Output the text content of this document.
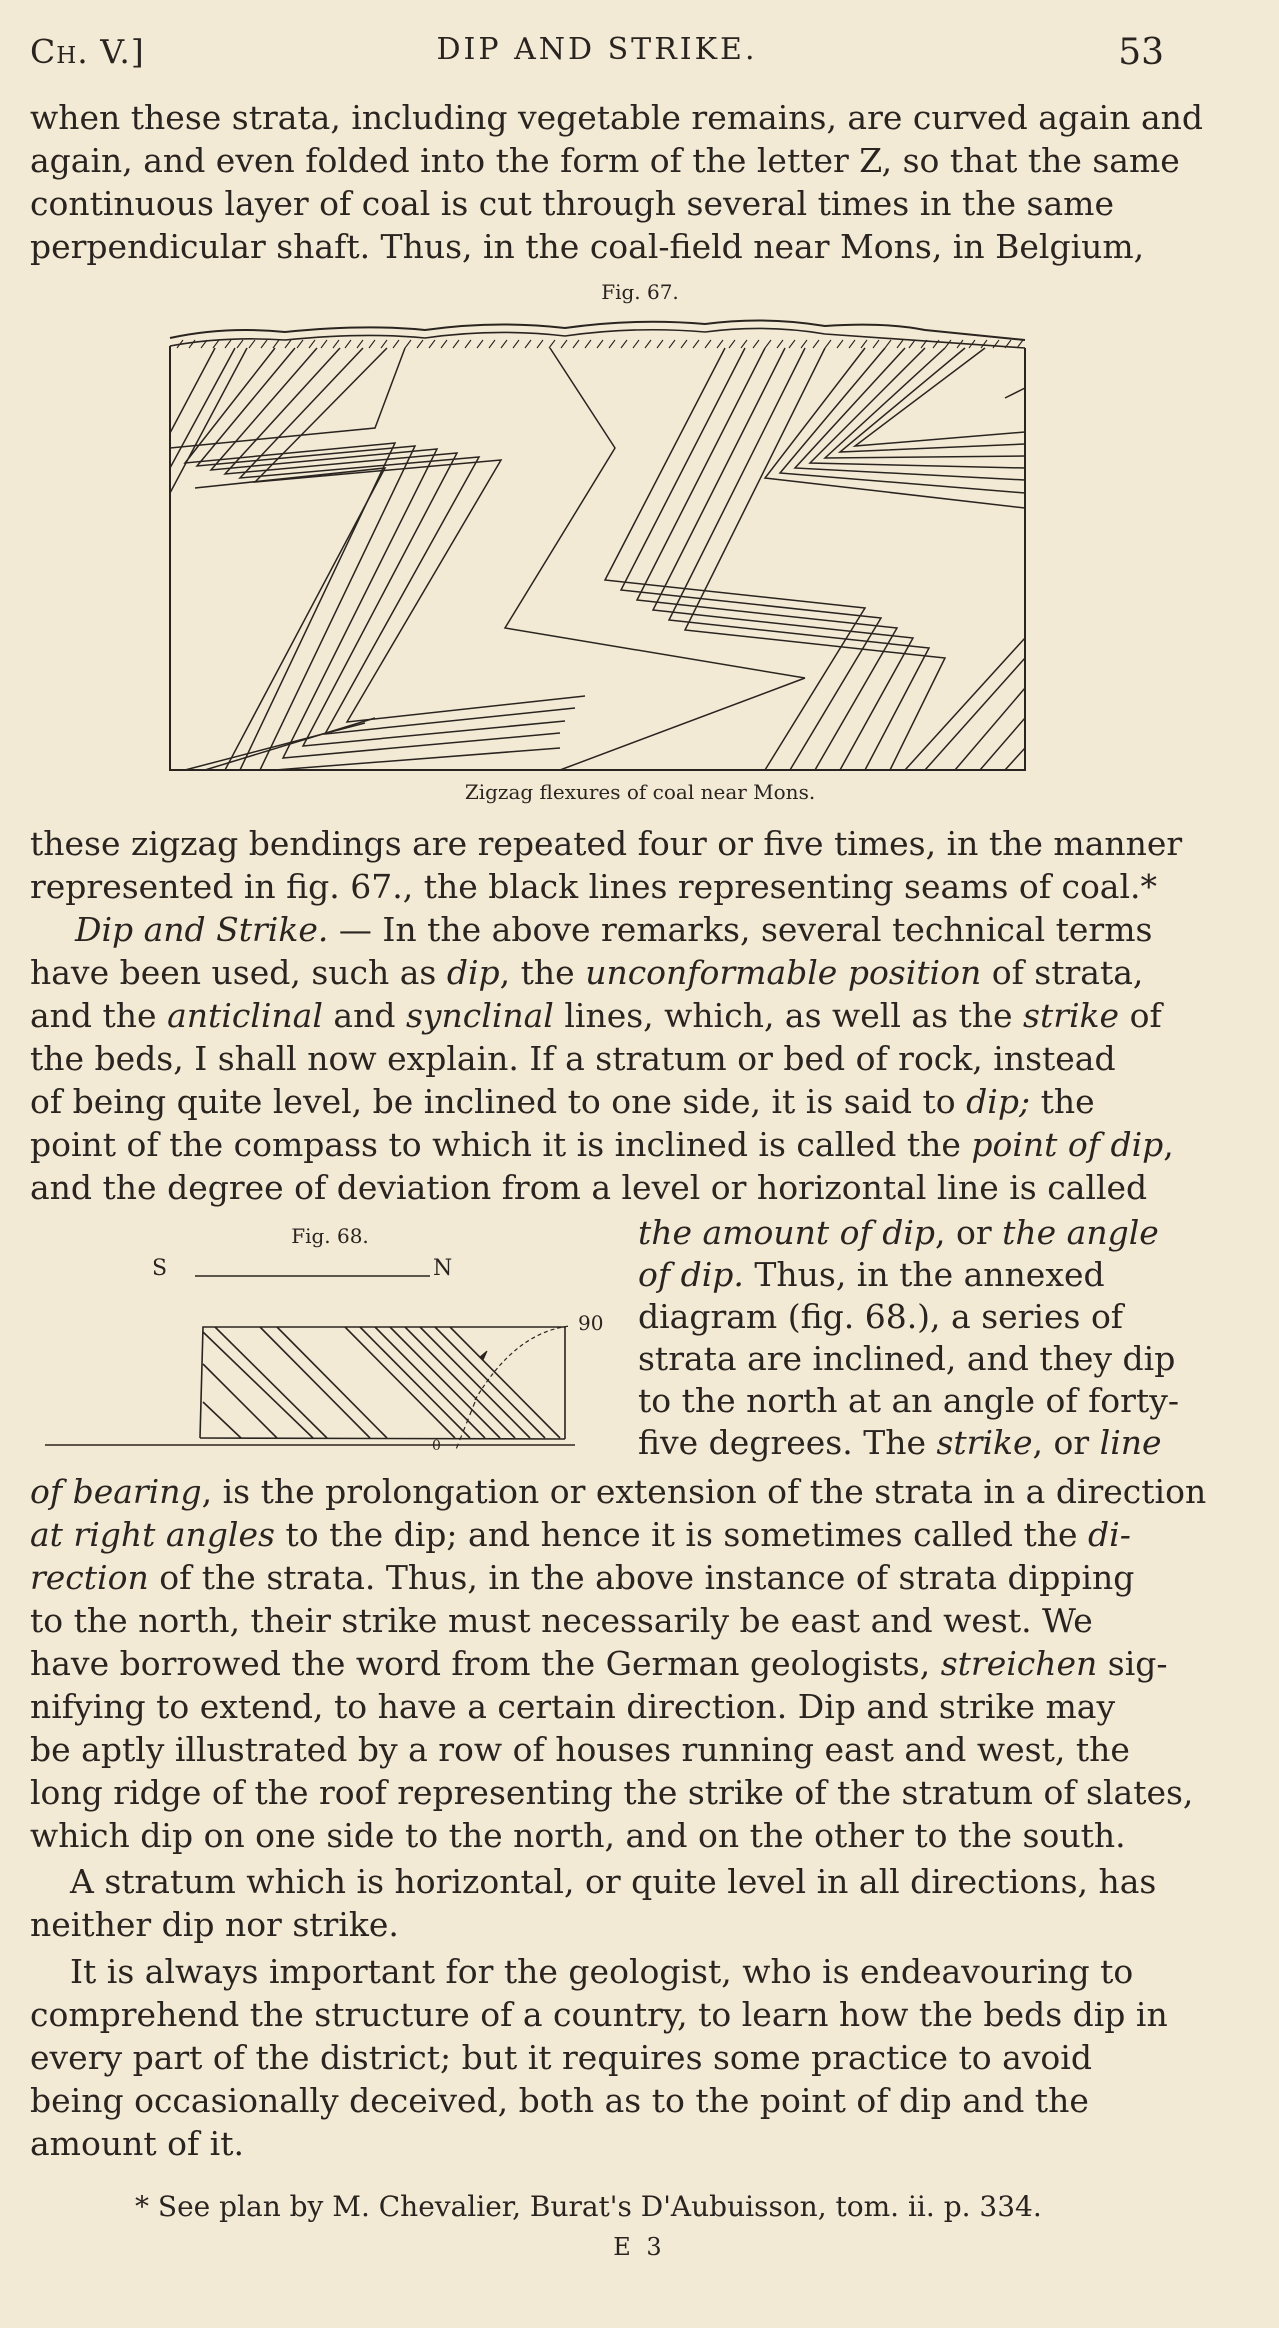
Ch. V.]	DIP AND STRIKE.	53
when these strata, including vegetable remains, are curved again and
again, and even folded into the form of the letter Z, so that the same
continuous layer of coal is cut through several times in the same
perpendicular shaft. Thus, in the coal-field near Mons, in Belgium,
Fig. 67.
Zigzag flexures of coal near Mons.
these zigzag bendings are repeated four or five times, in the manner
represented in fig. 67., the black lines representing seams of coal.*
Dip and Strike. — In the above remarks, several technical terms
have been used, such as dip, the unconformable position of strata,
and the anticlinal and synclinal lines, which, as well as the strike of
the beds, I shall now explain. If a stratum or bed of rock, instead
of being quite level, be inclined to one side, it is said to dip; the
point of the compass to which it is inclined is called the point of dip,
and the degree of deviation from a level or horizontal line is called
Fig. 68.
S	N
90
0
the amount of dip, or the angle
of dip. Thus, in the annexed
diagram (fig. 68.), a series of
strata are inclined, and they dip
to the north at an angle of forty-
five degrees. The strike, or line
of bearing, is the prolongation or extension of the strata in a direction
at right angles to the dip; and hence it is sometimes called the di-
rection of the strata. Thus, in the above instance of strata dipping
to the north, their strike must necessarily be east and west. We
have borrowed the word from the German geologists, streichen sig-
nifying to extend, to have a certain direction. Dip and strike may
be aptly illustrated by a row of houses running east and west, the
long ridge of the roof representing the strike of the stratum of slates,
which dip on one side to the north, and on the other to the south.
A stratum which is horizontal, or quite level in all directions, has
neither dip nor strike.
It is always important for the geologist, who is endeavouring to
comprehend the structure of a country, to learn how the beds dip in
every part of the district; but it requires some practice to avoid
being occasionally deceived, both as to the point of dip and the
amount of it.
* See plan by M. Chevalier, Burat's D'Aubuisson, tom. ii. p. 334.
E 3
